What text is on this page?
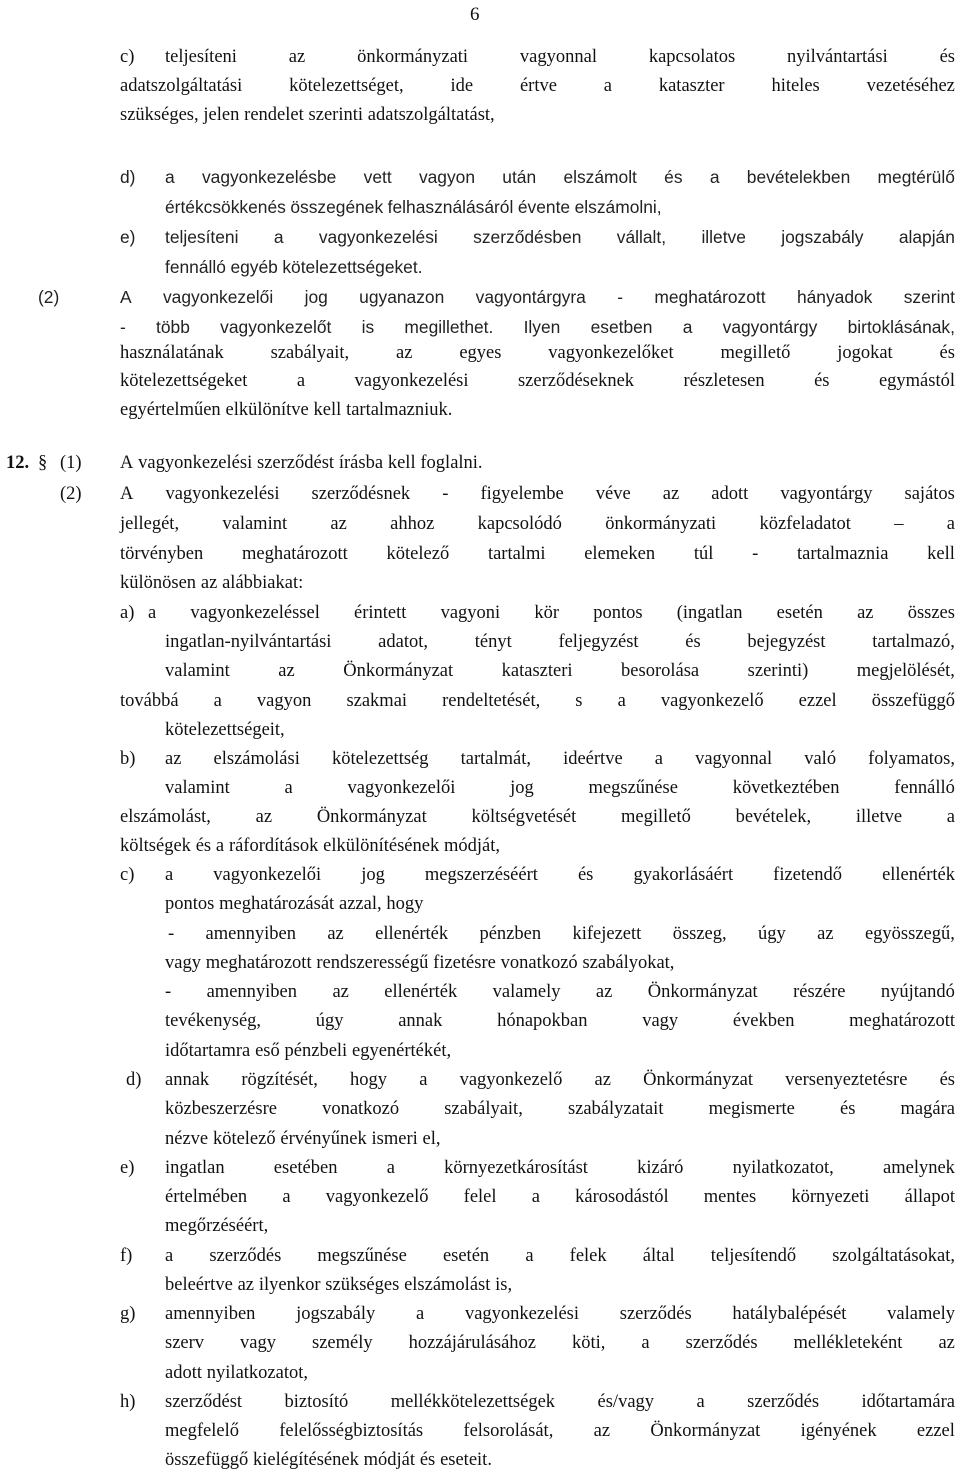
6
c)
d)
e)
(2)
12. § (1)
(2)
a)
b)
c)
d)
e)
f)
g)
h)
teljesíteni	az	önkormányzati	vagyonnal	kapcsolatos	nyilvántartási	és
adatszolgáltatási	kötelezettséget,	ide	értve	a	kataszter	hiteles	vezetéséhez
szükséges, jelen rendelet szerinti adatszolgáltatást,
a vagyonkezelésbe vett vagyon után elszámolt és a bevételekben megtérülő
értékcsökkenés összegének felhasználásáról évente elszámolni,
teljesíteni a vagyonkezelési szerződésben vállalt, illetve jogszabály alapján
fennálló egyéb kötelezettségeket.
A vagyonkezelői jog ugyanazon vagyontárgyra - meghatározott hányadok szerint
- több vagyonkezelőt is megillethet. Ilyen esetben a vagyontárgy birtoklásának,
használatának	szabályait,	az	egyes	vagyonkezelőket	megillető	jogokat	és
kötelezettségeket	a	vagyonkezelési	szerződéseknek	részletesen	és	egymástól
egyértelműen elkülönítve kell tartalmazniuk.
A vagyonkezelési szerződést írásba kell foglalni.
A vagyonkezelési szerződésnek - figyelembe véve az adott vagyontárgy sajátos
jellegét, valamint az ahhoz kapcsolódó önkormányzati közfeladatot – a
törvényben meghatározott kötelező tartalmi elemeken túl - tartalmaznia kell
különösen az alábbiakat:
a vagyonkezeléssel érintett vagyoni kör pontos (ingatlan esetén az összes
ingatlan-nyilvántartási	adatot,	tényt	feljegyzést	és	bejegyzést	tartalmazó,
valamint	az	Önkormányzat	kataszteri	besorolása	szerinti)	megjelölését,
továbbá a vagyon szakmai rendeltetését, s a vagyonkezelő ezzel összefüggő
kötelezettségeit,
az elszámolási kötelezettség tartalmát, ideértve a vagyonnal való folyamatos,
valamint	a	vagyonkezelői	jog	megszűnése	következtében	fennálló
elszámolást, az Önkormányzat költségvetését megillető bevételek, illetve a
költségek és a ráfordítások elkülönítésének módját,
a vagyonkezelői jog megszerzéséért és gyakorlásáért fizetendő ellenérték
pontos meghatározását azzal, hogy
- amennyiben az ellenérték pénzben kifejezett összeg, úgy az egyösszegű,
vagy meghatározott rendszerességű fizetésre vonatkozó szabályokat,
- amennyiben az ellenérték valamely az Önkormányzat részére nyújtandó
tevékenység,	úgy	annak	hónapokban	vagy	években	meghatározott
időtartamra eső pénzbeli egyenértékét,
annak rögzítését, hogy a vagyonkezelő az Önkormányzat versenyeztetésre és
közbeszerzésre vonatkozó szabályait, szabályzatait megismerte és magára
nézve kötelező érvényűnek ismeri el,
ingatlan	esetében	a	környezetkárosítást	kizáró	nyilatkozatot,	amelynek
értelmében a vagyonkezelő felel a károsodástól mentes környezeti állapot
megőrzéséért,
a szerződés megszűnése esetén a felek által teljesítendő szolgáltatásokat,
beleértve az ilyenkor szükséges elszámolást is,
amennyiben jogszabály a vagyonkezelési szerződés hatálybalépését valamely
szerv vagy személy hozzájárulásához köti, a szerződés mellékleteként az
adott nyilatkozatot,
szerződést biztosító mellékkötelezettségek és/vagy a szerződés időtartamára
megfelelő felelősségbiztosítás felsorolását, az Önkormányzat igényének ezzel
összefüggő kielégítésének módját és eseteit.
